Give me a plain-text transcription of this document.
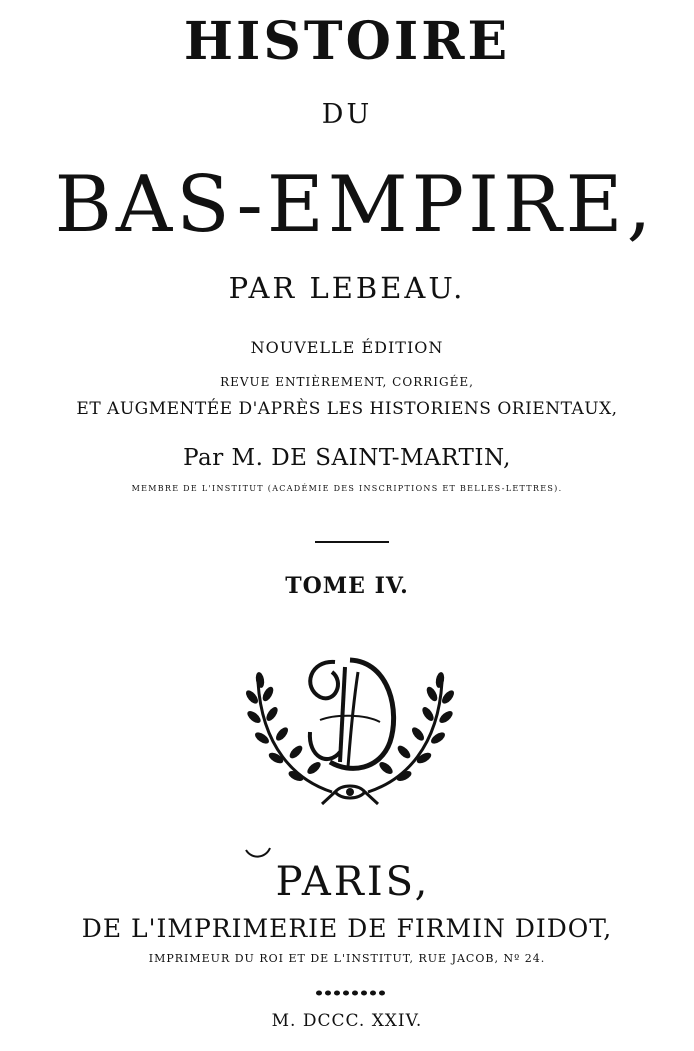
HISTOIRE
DU
BAS-EMPIRE,
PAR LEBEAU.
NOUVELLE ÉDITION
REVUE ENTIÈREMENT, CORRIGÉE,
ET AUGMENTÉE D'APRÈS LES HISTORIENS ORIENTAUX,
Par M. DE SAINT-MARTIN,
MEMBRE DE L'INSTITUT (ACADÉMIE DES INSCRIPTIONS ET BELLES-LETTRES).
TOME IV.
PARIS,
DE L'IMPRIMERIE DE FIRMIN DIDOT,
IMPRIMEUR DU ROI ET DE L'INSTITUT, RUE JACOB, Nº 24.
M. DCCC. XXIV.
